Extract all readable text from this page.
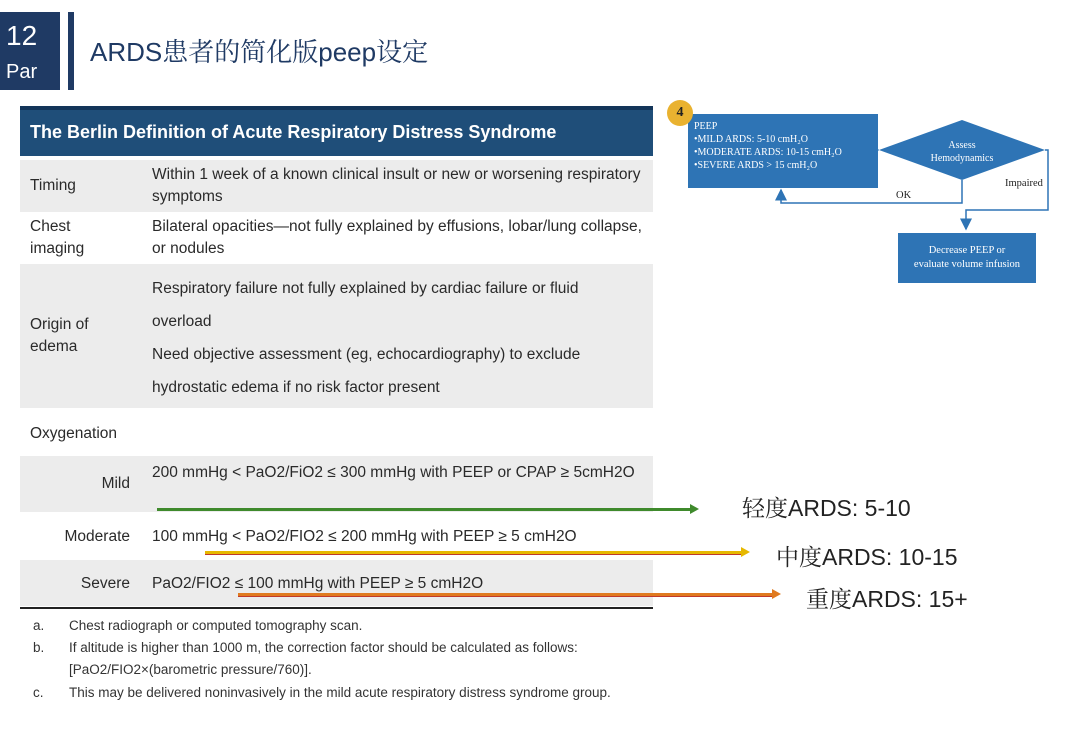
12
Par
ARDS患者的简化版peep设定
The Berlin Definition of Acute Respiratory Distress Syndrome
Timing
Within 1 week of a known clinical insult or new or worsening respiratory symptoms
Chest imaging
Bilateral opacities—not fully explained by effusions, lobar/lung collapse, or nodules
Origin of edema
Respiratory failure not fully explained by cardiac failure or fluid
overload
Need objective assessment (eg, echocardiography) to exclude
hydrostatic edema if no risk factor present
Oxygenation
Mild
200 mmHg < PaO2/FiO2 ≤ 300 mmHg with PEEP or CPAP ≥ 5cmH2O
Moderate 100 mmHg < PaO2/FIO2 ≤ 200 mmHg with PEEP ≥ 5 cmH2O
Severe PaO2/FIO2 ≤ 100 mmHg with PEEP ≥ 5 cmH2O
a. Chest radiograph or computed tomography scan.
b. If altitude is higher than 1000 m, the correction factor should be calculated as follows:
[PaO2/FIO2×(barometric pressure/760)].
c. This may be delivered noninvasively in the mild acute respiratory distress syndrome group.
轻度ARDS: 5-10
中度ARDS: 10-15
重度ARDS: 15+
Assess
Hemodynamics
PEEP
•MILD ARDS: 5-10 cmH₂O
•MODERATE ARDS: 10-15 cmH₂O
•SEVERE ARDS > 15 cmH₂O
4
OK
Impaired
Decrease PEEP or
evaluate volume infusion
